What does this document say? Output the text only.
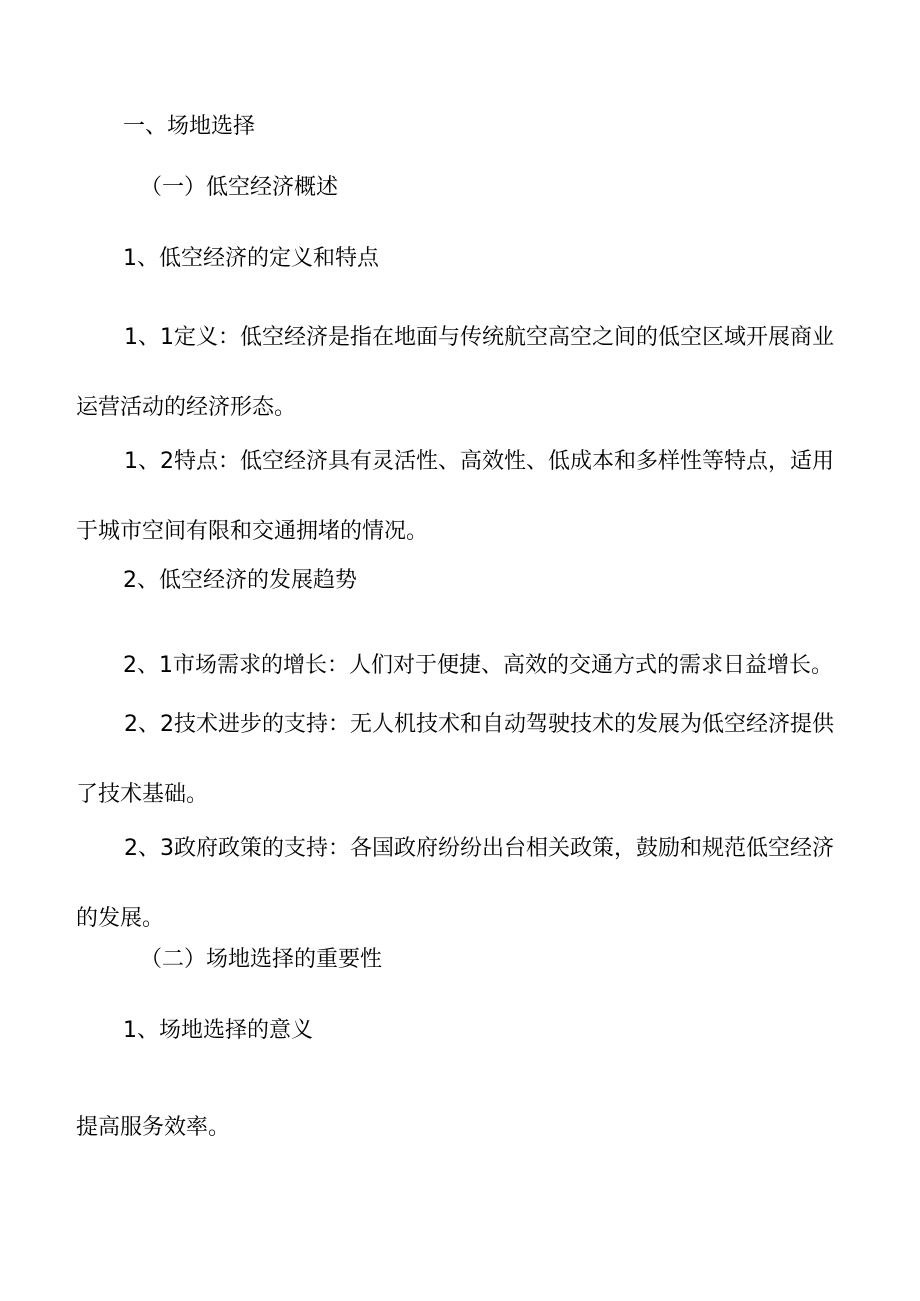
一、场地选择

（一）低空经济概述

1、低空经济的定义和特点

1、1定义：低空经济是指在地面与传统航空高空之间的低空区域开展商业运营活动的经济形态。

1、2特点：低空经济具有灵活性、高效性、低成本和多样性等特点，适用于城市空间有限和交通拥堵的情况。

2、低空经济的发展趋势

2、1市场需求的增长：人们对于便捷、高效的交通方式的需求日益增长。

2、2技术进步的支持：无人机技术和自动驾驶技术的发展为低空经济提供了技术基础。

2、3政府政策的支持：各国政府纷纷出台相关政策，鼓励和规范低空经济的发展。

（二）场地选择的重要性

1、场地选择的意义

提高服务效率。
